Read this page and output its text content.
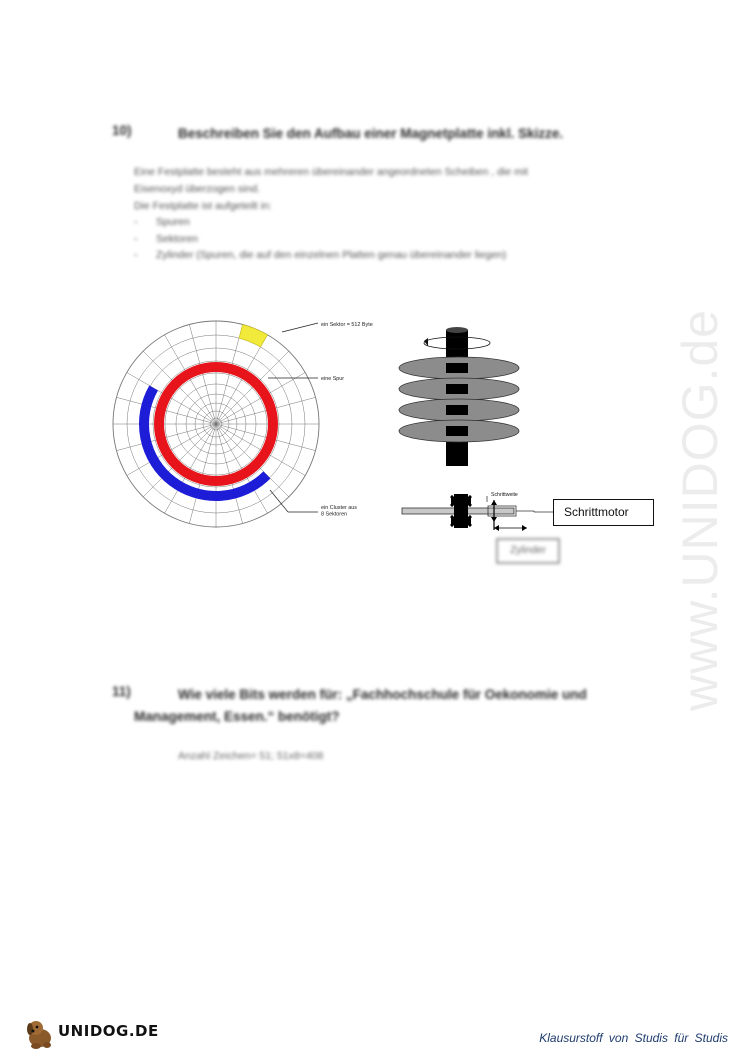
www.UNIDOG.de
10)	Beschreiben Sie den Aufbau einer Magnetplatte inkl. Skizze.
Eine Festplatte besteht aus mehreren übereinander angeordneten Scheiben , die mit
Eisenoxyd überzogen sind.
Die Festplatte ist aufgeteilt in:
- Spuren
- Sektoren
- Zylinder (Spuren, die auf den einzelnen Platten genau übereinander liegen)
ein Sektor = 512 Byte
eine Spur
ein Cluster aus 8 Sektoren
Schrittweite
Schrittmotor
Zylinder
11)	Wie viele Bits werden für: „Fachhochschule für Oekonomie und
Management, Essen.“ benötigt?
Anzahl Zeichen= 51; 51x8=408
UNIDOG.DE	Klausurstoff von Studis für Studis
